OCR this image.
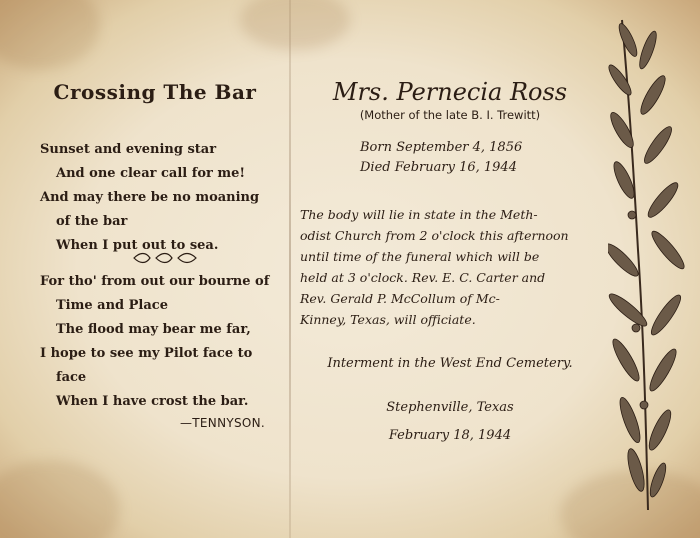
Crossing The Bar
Sunset and evening star
And one clear call for me!
And may there be no moaning
of the bar
When I put out to sea.
For tho' from out our bourne of
Time and Place
The flood may bear me far,
I hope to see my Pilot face to
face
When I have crost the bar.
—TENNYSON.
Mrs. Pernecia Ross
(Mother of the late B. I. Trewitt)
Born September 4, 1856
Died February 16, 1944
The body will lie in state in the Meth-
odist Church from 2 o'clock this afternoon
until time of the funeral which will be
held at 3 o'clock. Rev. E. C. Carter and
Rev. Gerald P. McCollum of Mc-
Kinney, Texas, will officiate.
Interment in the West End Cemetery.
Stephenville, Texas
February 18, 1944
